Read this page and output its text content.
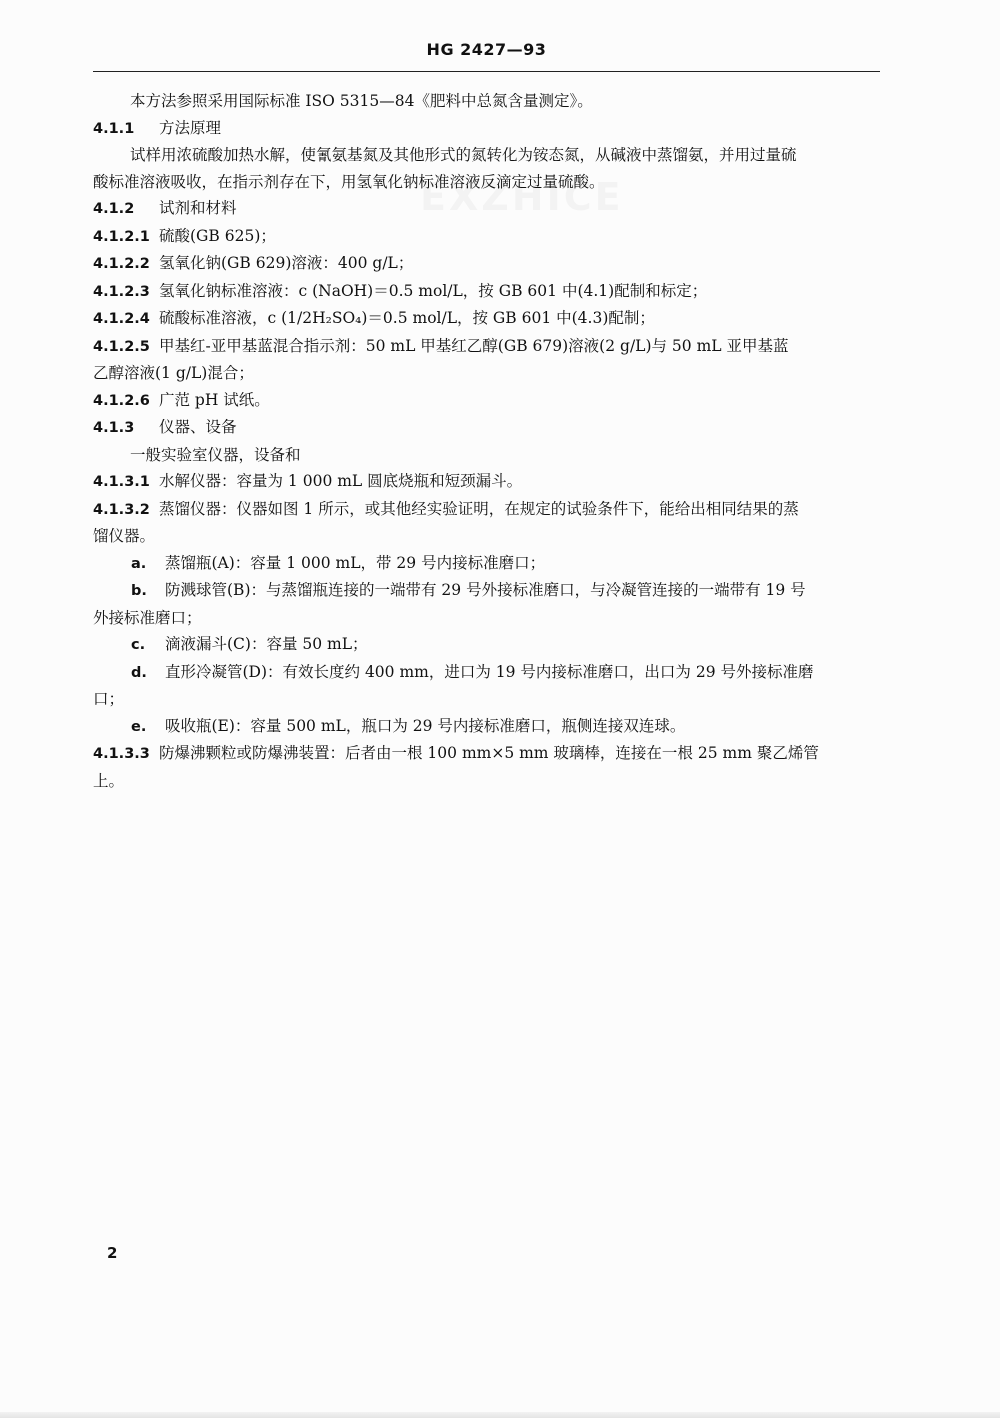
HG 2427—93

本方法参照采用国际标准 ISO 5315—84《肥料中总氮含量测定》。

4.1.1 方法原理

试样用浓硫酸加热水解，使氰氨基氮及其他形式的氮转化为铵态氮，从碱液中蒸馏氨，并用过量硫

酸标准溶液吸收，在指示剂存在下，用氢氧化钠标准溶液反滴定过量硫酸。

4.1.2 试剂和材料

4.1.2.1 硫酸(GB 625)；

4.1.2.2 氢氧化钠(GB 629)溶液：400 g/L；

4.1.2.3 氢氧化钠标准溶液：c (NaOH)＝0.5 mol/L，按 GB 601 中(4.1)配制和标定；

4.1.2.4 硫酸标准溶液，c (1/2H₂SO₄)＝0.5 mol/L，按 GB 601 中(4.3)配制；

4.1.2.5 甲基红-亚甲基蓝混合指示剂：50 mL 甲基红乙醇(GB 679)溶液(2 g/L)与 50 mL 亚甲基蓝

乙醇溶液(1 g/L)混合；

4.1.2.6 广范 pH 试纸。

4.1.3 仪器、设备

一般实验室仪器，设备和

4.1.3.1 水解仪器：容量为 1 000 mL 圆底烧瓶和短颈漏斗。

4.1.3.2 蒸馏仪器：仪器如图 1 所示，或其他经实验证明，在规定的试验条件下，能给出相同结果的蒸

馏仪器。

a. 蒸馏瓶(A)：容量 1 000 mL，带 29 号内接标准磨口；

b. 防溅球管(B)：与蒸馏瓶连接的一端带有 29 号外接标准磨口，与冷凝管连接的一端带有 19 号

外接标准磨口；

c. 滴液漏斗(C)：容量 50 mL；

d. 直形冷凝管(D)：有效长度约 400 mm，进口为 19 号内接标准磨口，出口为 29 号外接标准磨

口；

e. 吸收瓶(E)：容量 500 mL，瓶口为 29 号内接标准磨口，瓶侧连接双连球。

4.1.3.3 防爆沸颗粒或防爆沸装置：后者由一根 100 mm×5 mm 玻璃棒，连接在一根 25 mm 聚乙烯管

上。

2
